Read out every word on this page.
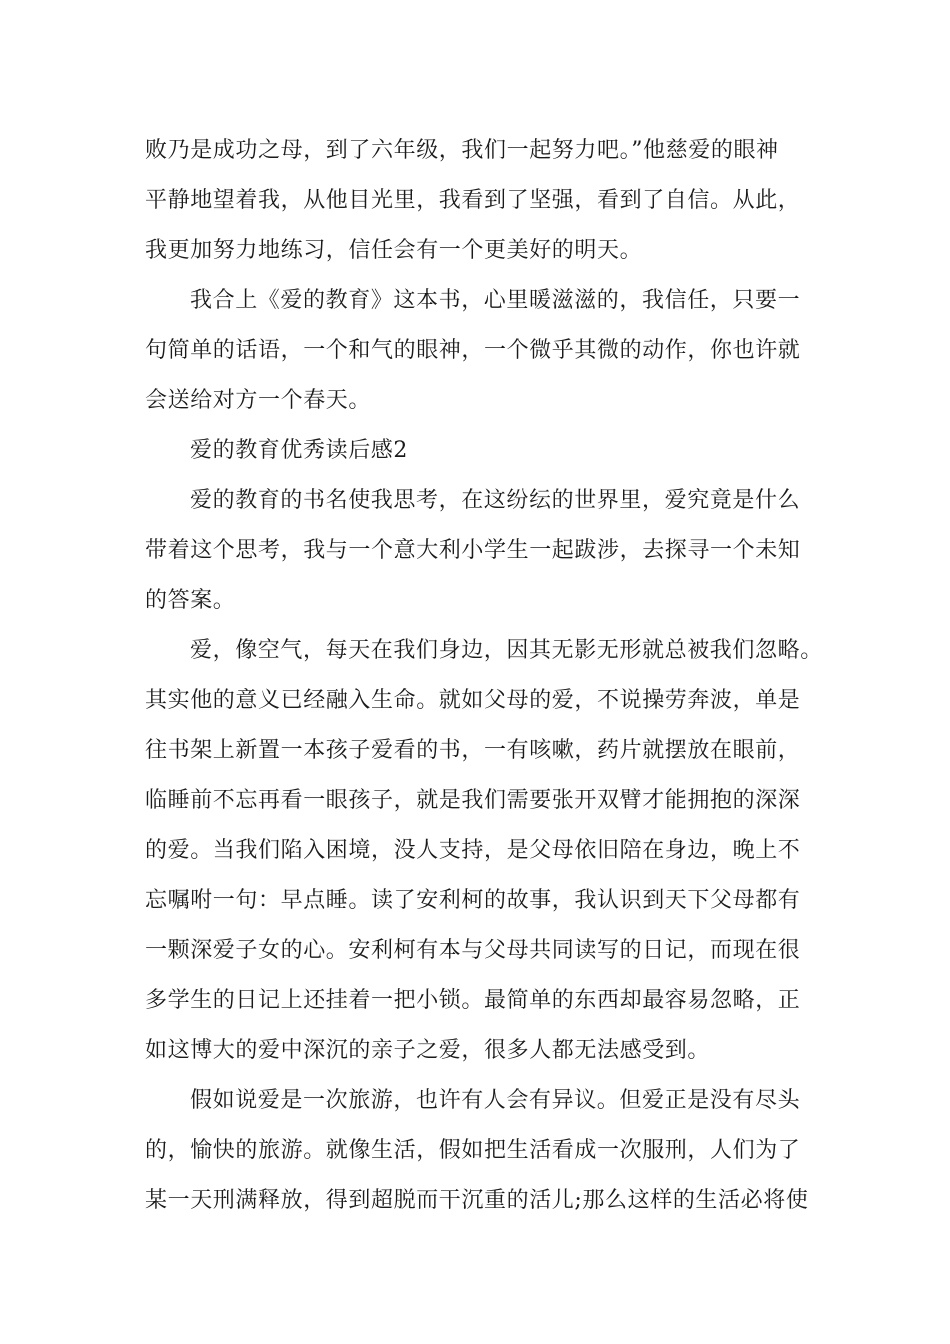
败乃是成功之母，到了六年级，我们一起努力吧。”他慈爱的眼神
平静地望着我，从他目光里，我看到了坚强，看到了自信。从此，
我更加努力地练习，信任会有一个更美好的明天。
我合上《爱的教育》这本书，心里暖滋滋的，我信任，只要一
句简单的话语，一个和气的眼神，一个微乎其微的动作，你也许就
会送给对方一个春天。
爱的教育优秀读后感2
爱的教育的书名使我思考，在这纷纭的世界里，爱究竟是什么
带着这个思考，我与一个意大利小学生一起跋涉，去探寻一个未知
的答案。
爱，像空气，每天在我们身边，因其无影无形就总被我们忽略。
其实他的意义已经融入生命。就如父母的爱，不说操劳奔波，单是
往书架上新置一本孩子爱看的书，一有咳嗽，药片就摆放在眼前，
临睡前不忘再看一眼孩子，就是我们需要张开双臂才能拥抱的深深
的爱。当我们陷入困境，没人支持，是父母依旧陪在身边，晚上不
忘嘱咐一句：早点睡。读了安利柯的故事，我认识到天下父母都有
一颗深爱子女的心。安利柯有本与父母共同读写的日记，而现在很
多学生的日记上还挂着一把小锁。最简单的东西却最容易忽略，正
如这博大的爱中深沉的亲子之爱，很多人都无法感受到。
假如说爱是一次旅游，也许有人会有异议。但爱正是没有尽头
的，愉快的旅游。就像生活，假如把生活看成一次服刑，人们为了
某一天刑满释放，得到超脱而干沉重的活儿;那么这样的生活必将使
